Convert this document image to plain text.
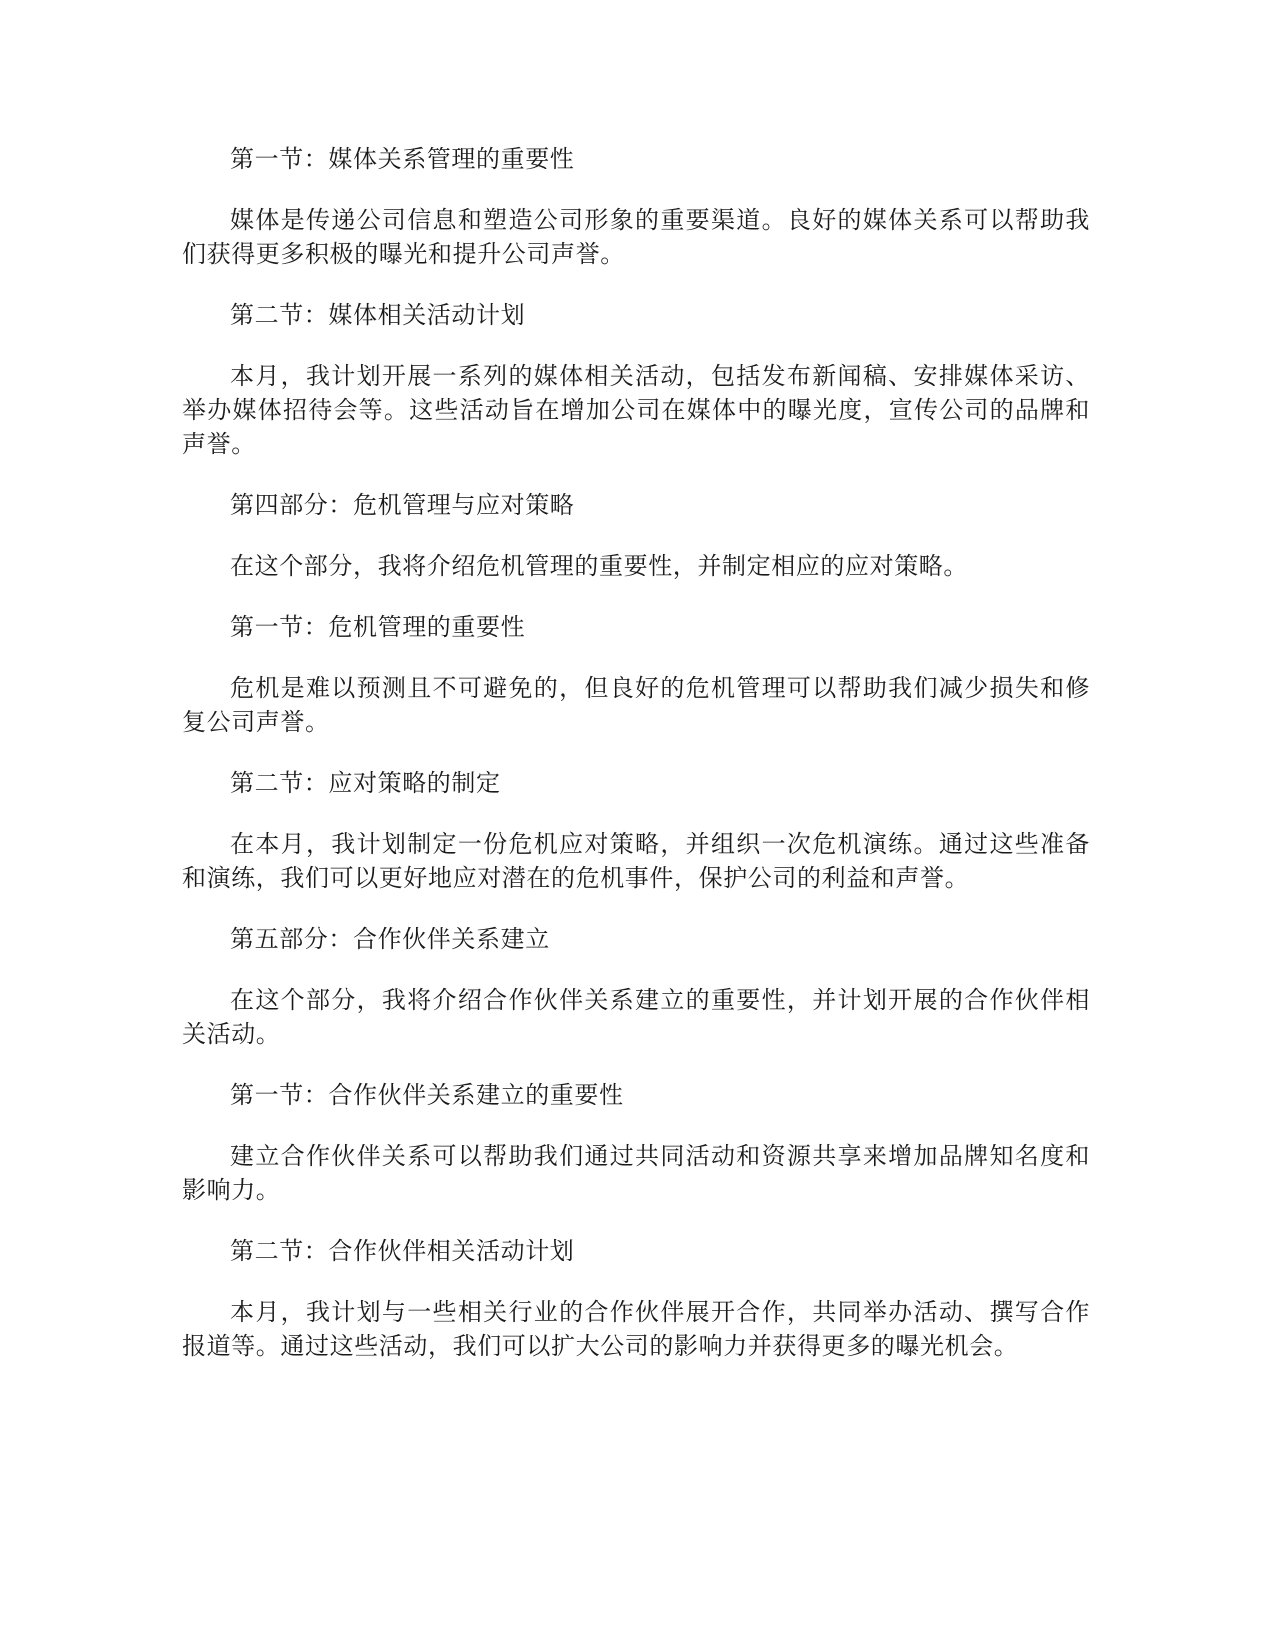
第一节：媒体关系管理的重要性

媒体是传递公司信息和塑造公司形象的重要渠道。良好的媒体关系可以帮助我们获得更多积极的曝光和提升公司声誉。

第二节：媒体相关活动计划

本月，我计划开展一系列的媒体相关活动，包括发布新闻稿、安排媒体采访、举办媒体招待会等。这些活动旨在增加公司在媒体中的曝光度，宣传公司的品牌和声誉。

第四部分：危机管理与应对策略

在这个部分，我将介绍危机管理的重要性，并制定相应的应对策略。

第一节：危机管理的重要性

危机是难以预测且不可避免的，但良好的危机管理可以帮助我们减少损失和修复公司声誉。

第二节：应对策略的制定

在本月，我计划制定一份危机应对策略，并组织一次危机演练。通过这些准备和演练，我们可以更好地应对潜在的危机事件，保护公司的利益和声誉。

第五部分：合作伙伴关系建立

在这个部分，我将介绍合作伙伴关系建立的重要性，并计划开展的合作伙伴相关活动。

第一节：合作伙伴关系建立的重要性

建立合作伙伴关系可以帮助我们通过共同活动和资源共享来增加品牌知名度和影响力。

第二节：合作伙伴相关活动计划

本月，我计划与一些相关行业的合作伙伴展开合作，共同举办活动、撰写合作报道等。通过这些活动，我们可以扩大公司的影响力并获得更多的曝光机会。
